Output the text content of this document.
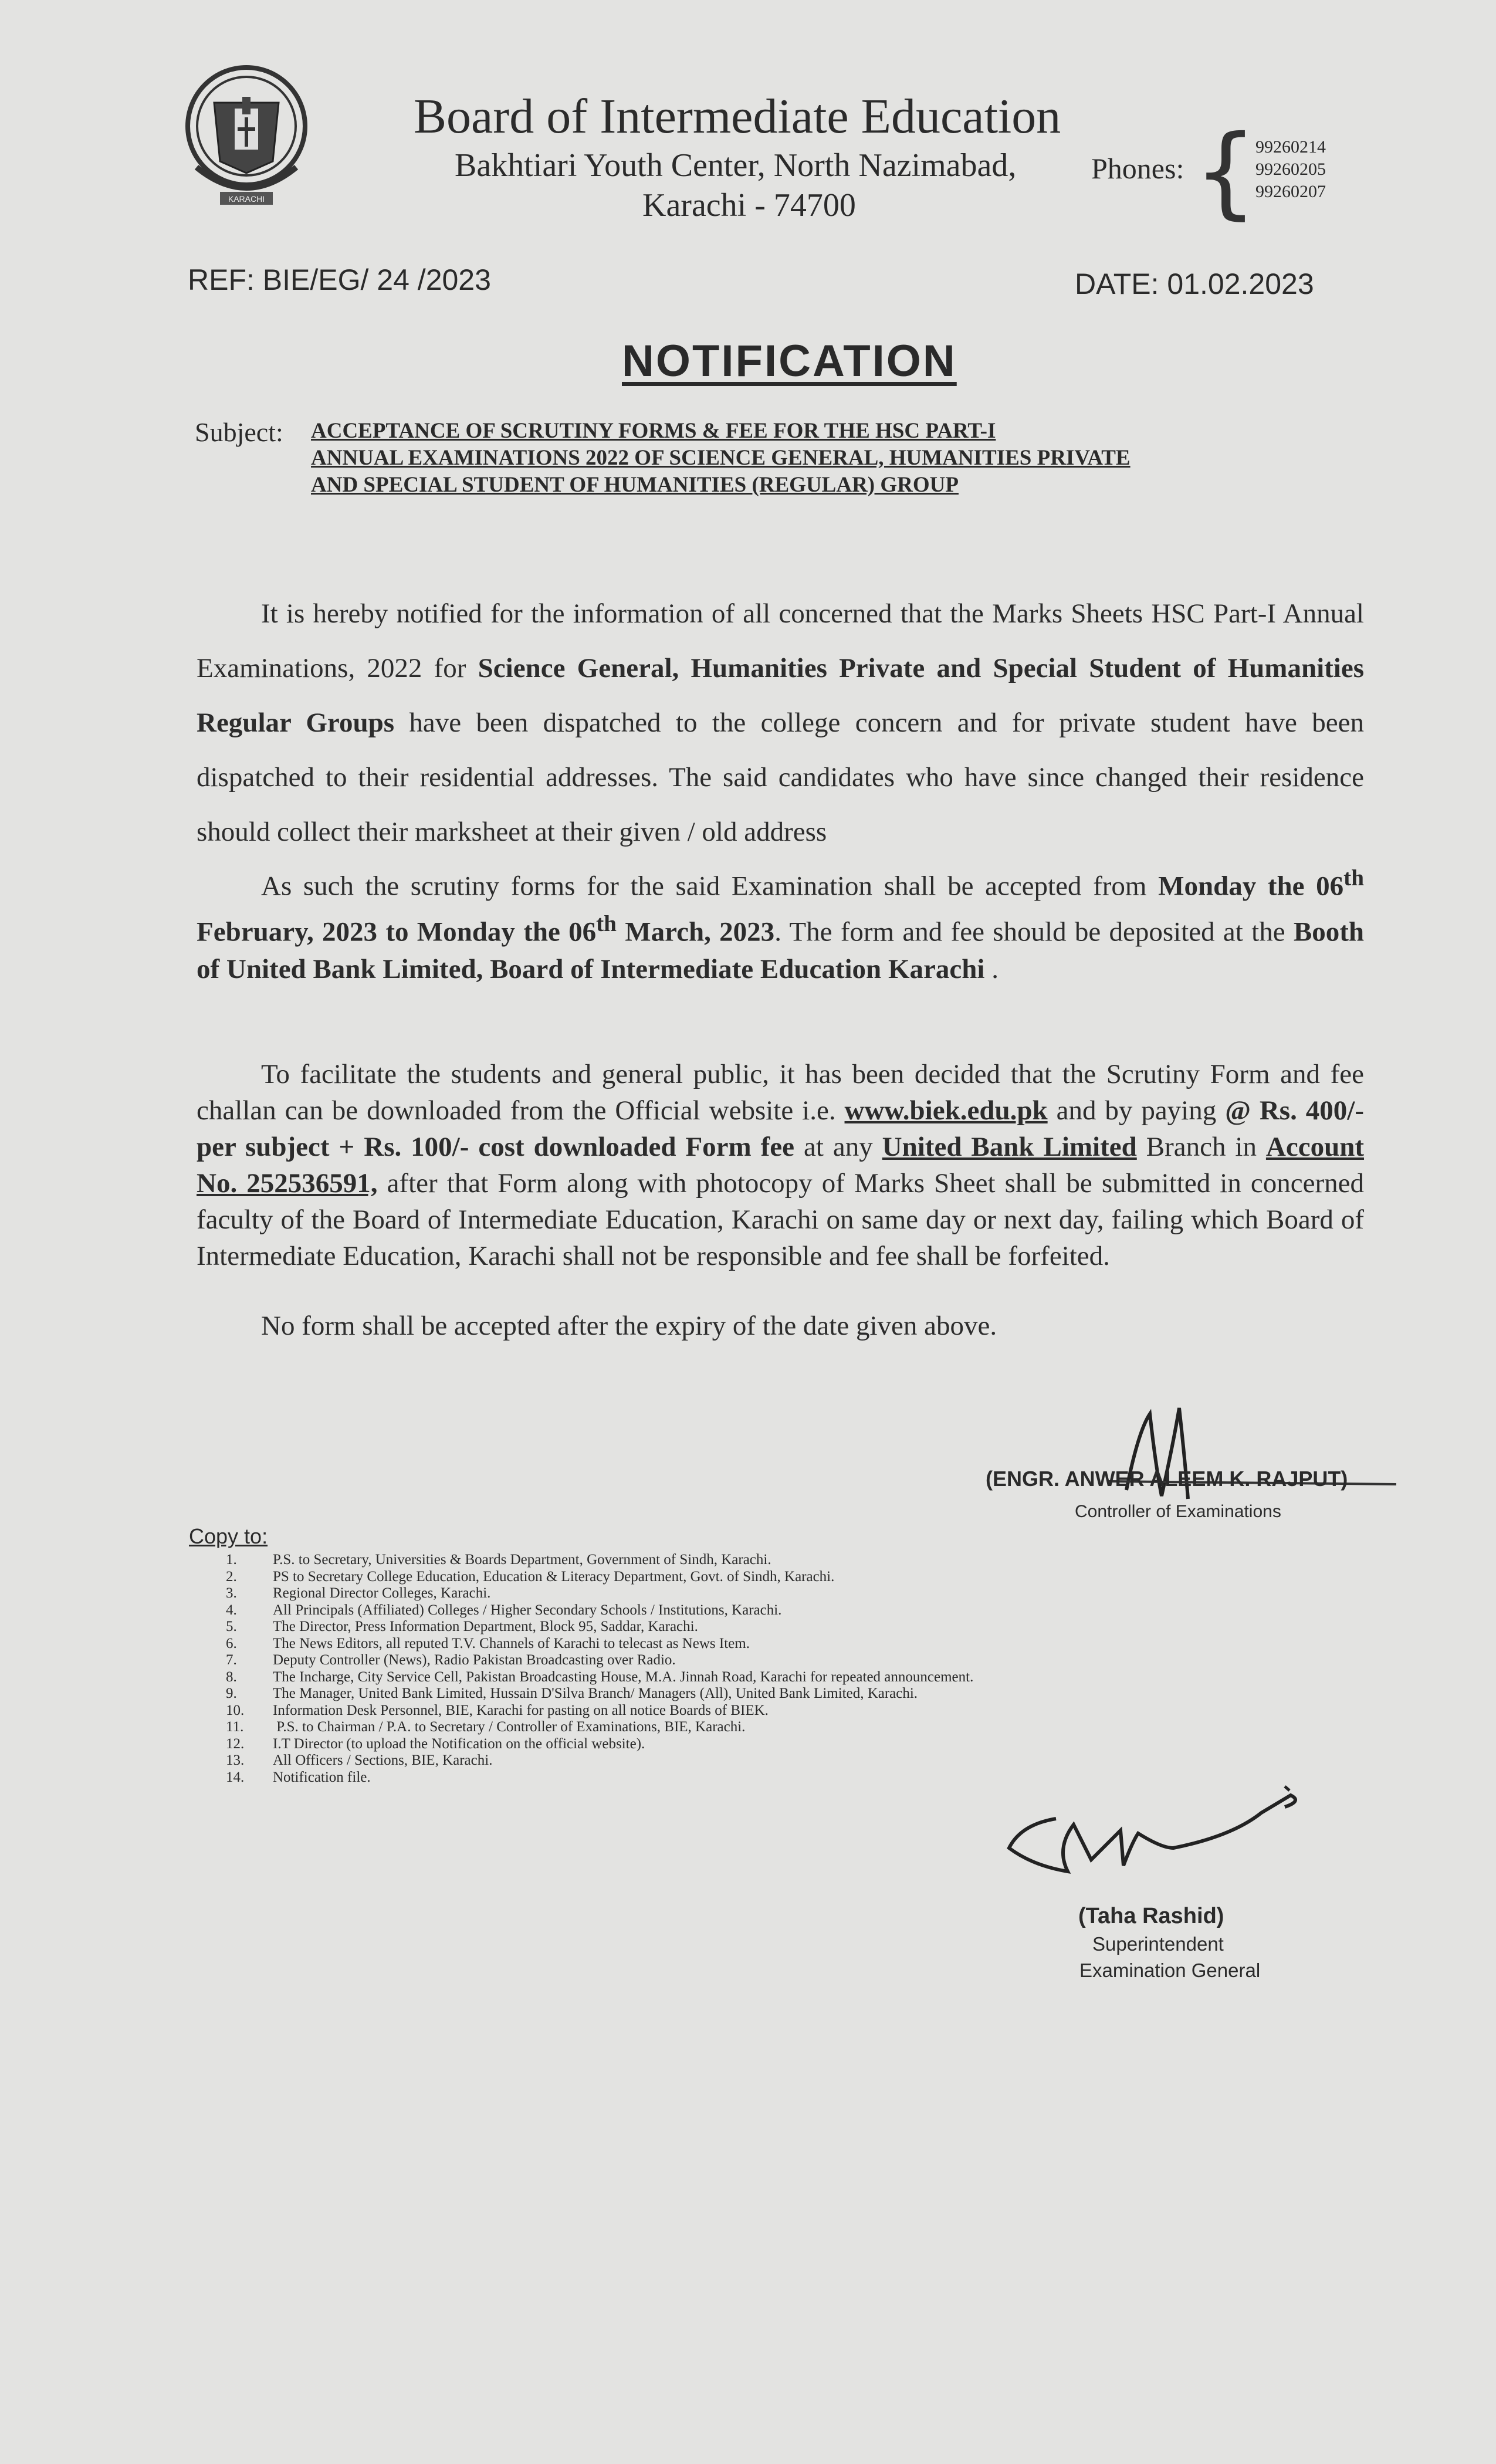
KARACHI
Board of Intermediate Education
Bakhtiari Youth Center, North Nazimabad,
Karachi - 74700
Phones: {
99260214
99260205
99260207
REF: BIE/EG/ 24 /2023	DATE: 01.02.2023
NOTIFICATION
Subject: ACCEPTANCE OF SCRUTINY FORMS & FEE FOR THE HSC PART-I
ANNUAL EXAMINATIONS 2022 OF SCIENCE GENERAL, HUMANITIES PRIVATE
AND SPECIAL STUDENT OF HUMANITIES (REGULAR) GROUP

It is hereby notified for the information of all concerned that the Marks Sheets HSC Part-I Annual Examinations, 2022 for Science General, Humanities Private and Special Student of Humanities Regular Groups have been dispatched to the college concern and for private student have been dispatched to their residential addresses. The said candidates who have since changed their residence should collect their marksheet at their given / old address

As such the scrutiny forms for the said Examination shall be accepted from Monday the 06th February, 2023 to Monday the 06th March, 2023. The form and fee should be deposited at the Booth of United Bank Limited, Board of Intermediate Education Karachi .

To facilitate the students and general public, it has been decided that the Scrutiny Form and fee challan can be downloaded from the Official website i.e. www.biek.edu.pk and by paying @ Rs. 400/- per subject + Rs. 100/- cost downloaded Form fee at any United Bank Limited Branch in Account No. 252536591, after that Form along with photocopy of Marks Sheet shall be submitted in concerned faculty of the Board of Intermediate Education, Karachi on same day or next day, failing which Board of Intermediate Education, Karachi shall not be responsible and fee shall be forfeited.

No form shall be accepted after the expiry of the date given above.

(ENGR. ANWER ALEEM K. RAJPUT)
Controller of Examinations
Copy to:
1. P.S. to Secretary, Universities & Boards Department, Government of Sindh, Karachi.
2. PS to Secretary College Education, Education & Literacy Department, Govt. of Sindh, Karachi.
3. Regional Director Colleges, Karachi.
4. All Principals (Affiliated) Colleges / Higher Secondary Schools / Institutions, Karachi.
5. The Director, Press Information Department, Block 95, Saddar, Karachi.
6. The News Editors, all reputed T.V. Channels of Karachi to telecast as News Item.
7. Deputy Controller (News), Radio Pakistan Broadcasting over Radio.
8. The Incharge, City Service Cell, Pakistan Broadcasting House, M.A. Jinnah Road, Karachi for repeated announcement.
9. The Manager, United Bank Limited, Hussain D'Silva Branch/ Managers (All), United Bank Limited, Karachi.
10. Information Desk Personnel, BIE, Karachi for pasting on all notice Boards of BIEK.
11. P.S. to Chairman / P.A. to Secretary / Controller of Examinations, BIE, Karachi.
12. I.T Director (to upload the Notification on the official website).
13. All Officers / Sections, BIE, Karachi.
14. Notification file.
(Taha Rashid)
Superintendent
Examination General
